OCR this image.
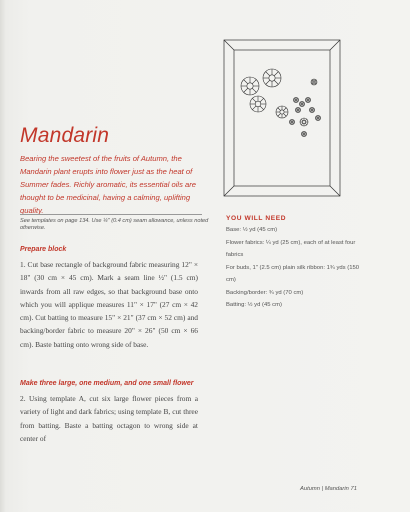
Mandarin
Bearing the sweetest of the fruits of Autumn, the Mandarin plant erupts into flower just as the heat of Summer fades. Richly aromatic, its essential oils are thought to be medicinal, having a calming, uplifting quality.
See templates on page 134. Use ¼" (0.4 cm) seam allowance, unless noted otherwise.
Prepare block
1. Cut base rectangle of background fabric measuring 12" × 18" (30 cm × 45 cm). Mark a seam line ½" (1.5 cm) inwards from all raw edges, so that background base onto which you will applique measures 11" × 17" (27 cm × 42 cm). Cut batting to measure 15" × 21" (37 cm × 52 cm) and backing/border fabric to measure 20" × 26" (50 cm × 66 cm). Baste batting onto wrong side of base.
Make three large, one medium, and one small flower
2. Using template A, cut six large flower pieces from a variety of light and dark fabrics; using template B, cut three from batting. Baste a batting octagon to wrong side at center of
YOU WILL NEED
Base: ½ yd (45 cm)
Flower fabrics: ¼ yd (25 cm), each of at least four fabrics
For buds, 1" (2.5 cm) plain silk ribbon: 1¾ yds (150 cm)
Backing/border: ¾ yd (70 cm)
Batting: ½ yd (45 cm)
Autumn | Mandarin 71
